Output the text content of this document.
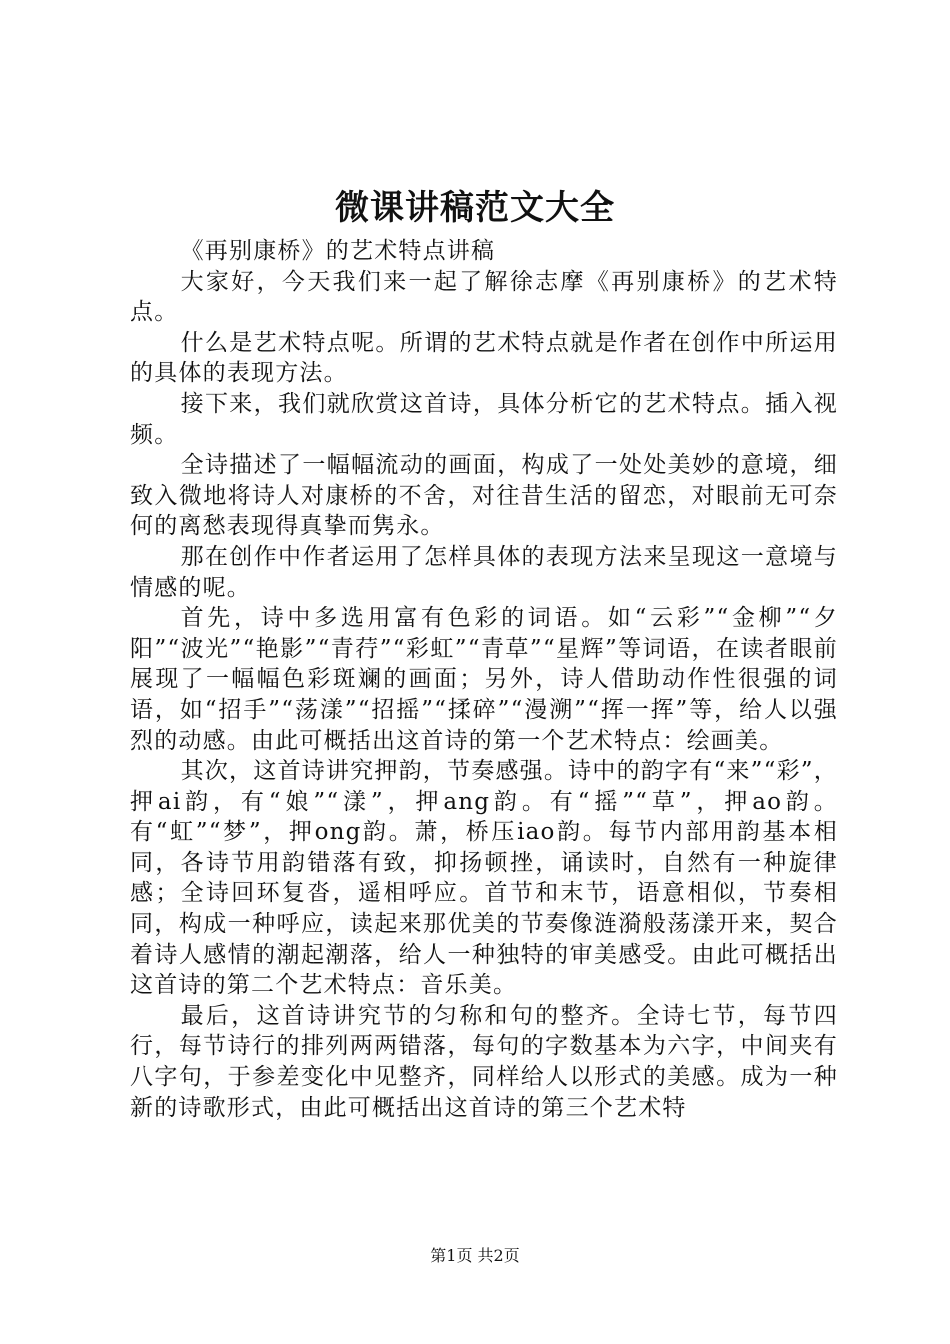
微课讲稿范文大全

《再别康桥》的艺术特点讲稿

大家好，今天我们来一起了解徐志摩《再别康桥》的艺术特点。

什么是艺术特点呢。所谓的艺术特点就是作者在创作中所运用的具体的表现方法。

接下来，我们就欣赏这首诗，具体分析它的艺术特点。插入视频。

全诗描述了一幅幅流动的画面，构成了一处处美妙的意境，细致入微地将诗人对康桥的不舍，对往昔生活的留恋，对眼前无可奈何的离愁表现得真挚而隽永。

那在创作中作者运用了怎样具体的表现方法来呈现这一意境与情感的呢。

首先，诗中多选用富有色彩的词语。如“云彩”“金柳”“夕阳”“波光”“艳影”“青荇”“彩虹”“青草”“星辉”等词语，在读者眼前展现了一幅幅色彩斑斓的画面；另外，诗人借助动作性很强的词语，如“招手”“荡漾”“招摇”“揉碎”“漫溯”“挥一挥”等，给人以强烈的动感。由此可概括出这首诗的第一个艺术特点：绘画美。

其次，这首诗讲究押韵，节奏感强。诗中的韵字有“来”“彩”，押ai韵，有“娘”“漾”，押ang韵。有“摇”“草”，押ao韵。有“虹”“梦”，押ong韵。萧，桥压iao韵。每节内部用韵基本相同，各诗节用韵错落有致，抑扬顿挫，诵读时，自然有一种旋律感；全诗回环复沓，遥相呼应。首节和末节，语意相似，节奏相同，构成一种呼应，读起来那优美的节奏像涟漪般荡漾开来，契合着诗人感情的潮起潮落，给人一种独特的审美感受。由此可概括出这首诗的第二个艺术特点：音乐美。

最后，这首诗讲究节的匀称和句的整齐。全诗七节，每节四行，每节诗行的排列两两错落，每句的字数基本为六字，中间夹有八字句，于参差变化中见整齐，同样给人以形式的美感。成为一种新的诗歌形式，由此可概括出这首诗的第三个艺术特

第1页 共2页
